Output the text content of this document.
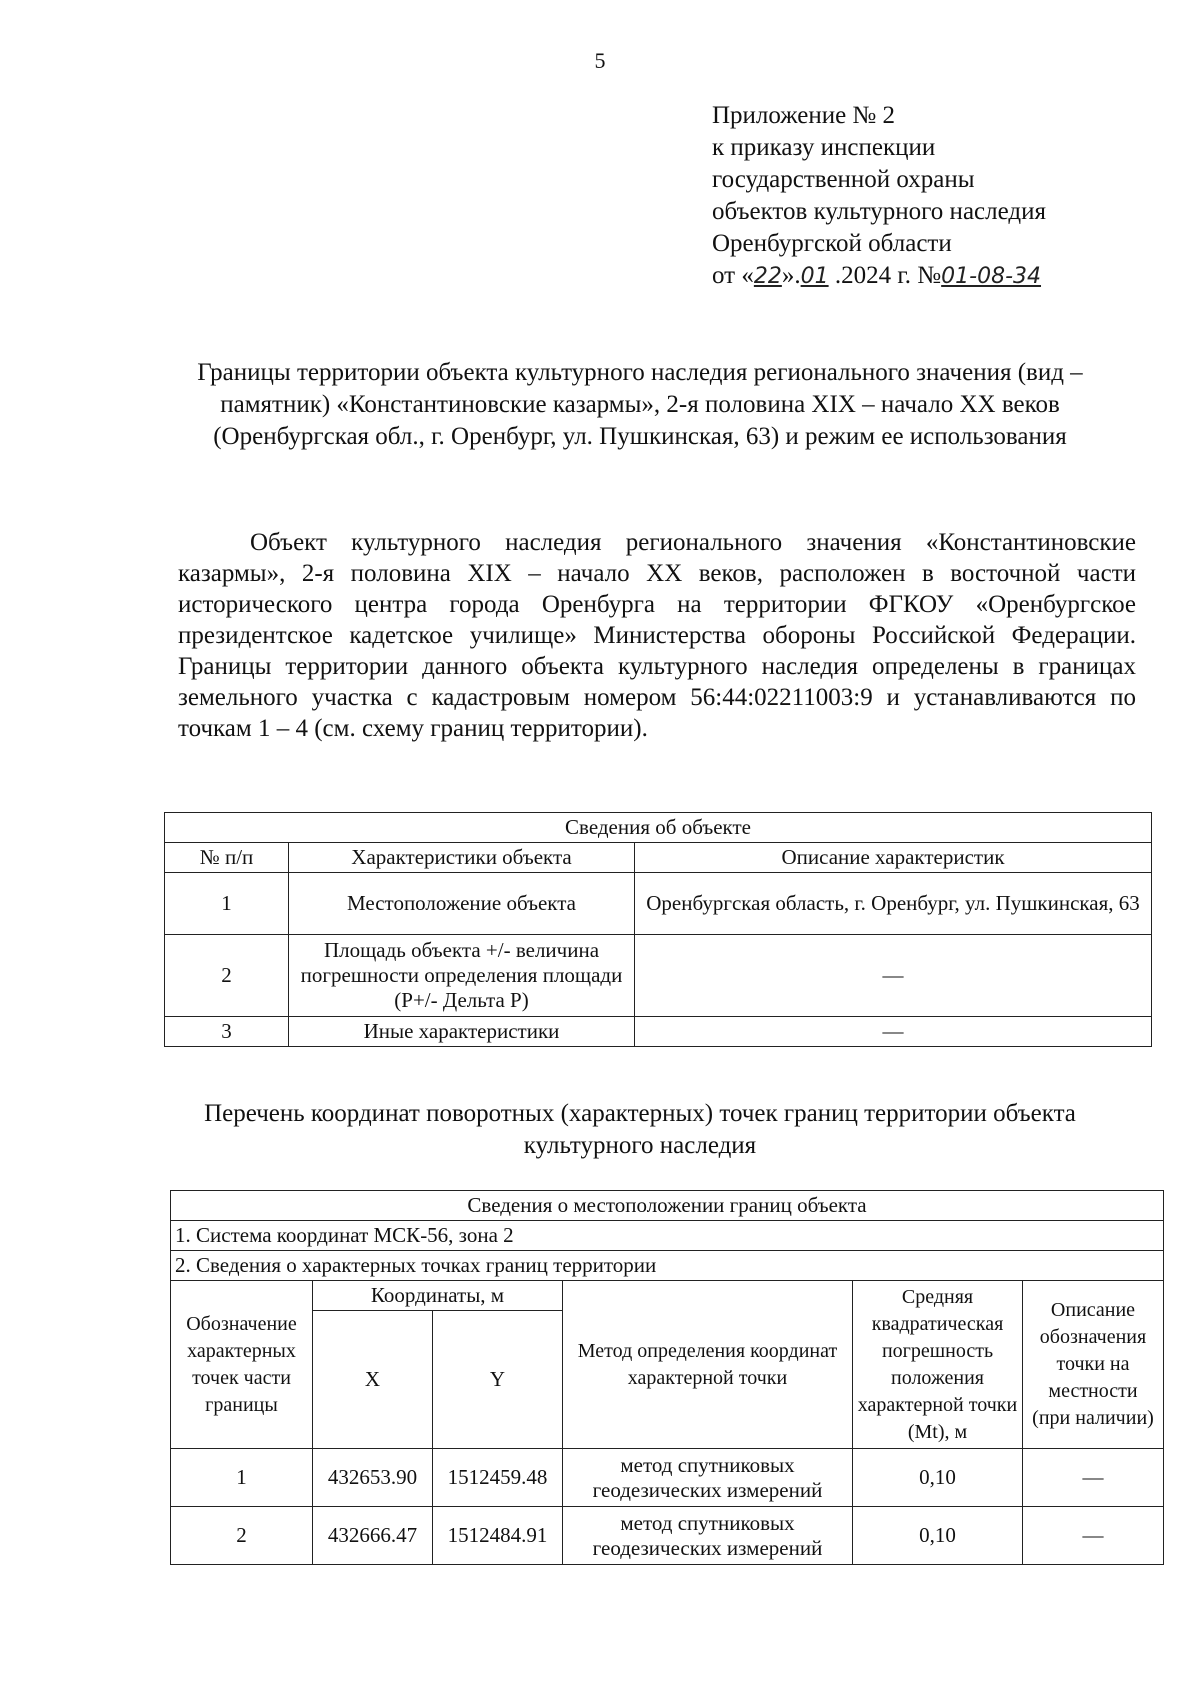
5
Приложение № 2
к приказу инспекции
государственной охраны
объектов культурного наследия
Оренбургской области
от «22».01 .2024 г. №01-08-34
Границы территории объекта культурного наследия регионального значения (вид – памятник) «Константиновские казармы», 2-я половина XIX – начало XX веков (Оренбургская обл., г. Оренбург, ул. Пушкинская, 63) и режим ее использования

Объект культурного наследия регионального значения «Константиновские казармы», 2-я половина XIX – начало XX веков, расположен в восточной части исторического центра города Оренбурга на территории ФГКОУ «Оренбургское президентское кадетское училище» Министерства обороны Российской Федерации. Границы территории данного объекта культурного наследия определены в границах земельного участка с кадастровым номером 56:44:02211003:9 и устанавливаются по точкам 1 – 4 (см. схему границ территории).

Сведения об объекте		
№ п/п	Характеристики объекта	Описание характеристик
1	Местоположение объекта	Оренбургская область, г. Оренбург, ул. Пушкинская, 63
2	Площадь объекта +/- величина погрешности определения площади (P+/- Дельта P)	—
3	Иные характеристики	—
Перечень координат поворотных (характерных) точек границ территории объекта культурного наследия
Сведения о местоположении границ объекта					
1. Система координат МСК-56, зона 2					
2. Сведения о характерных точках границ территории					
Обозначение характерных точек части границы	Координаты, м		Метод определения координат характерной точки	Средняя квадратическая погрешность положения характерной точки (Mt), м	Описание обозначения точки на местности (при наличии)
	X	Y			
1	432653.90	1512459.48	метод спутниковых геодезических измерений	0,10	—
2	432666.47	1512484.91	метод спутниковых геодезических измерений	0,10	—
